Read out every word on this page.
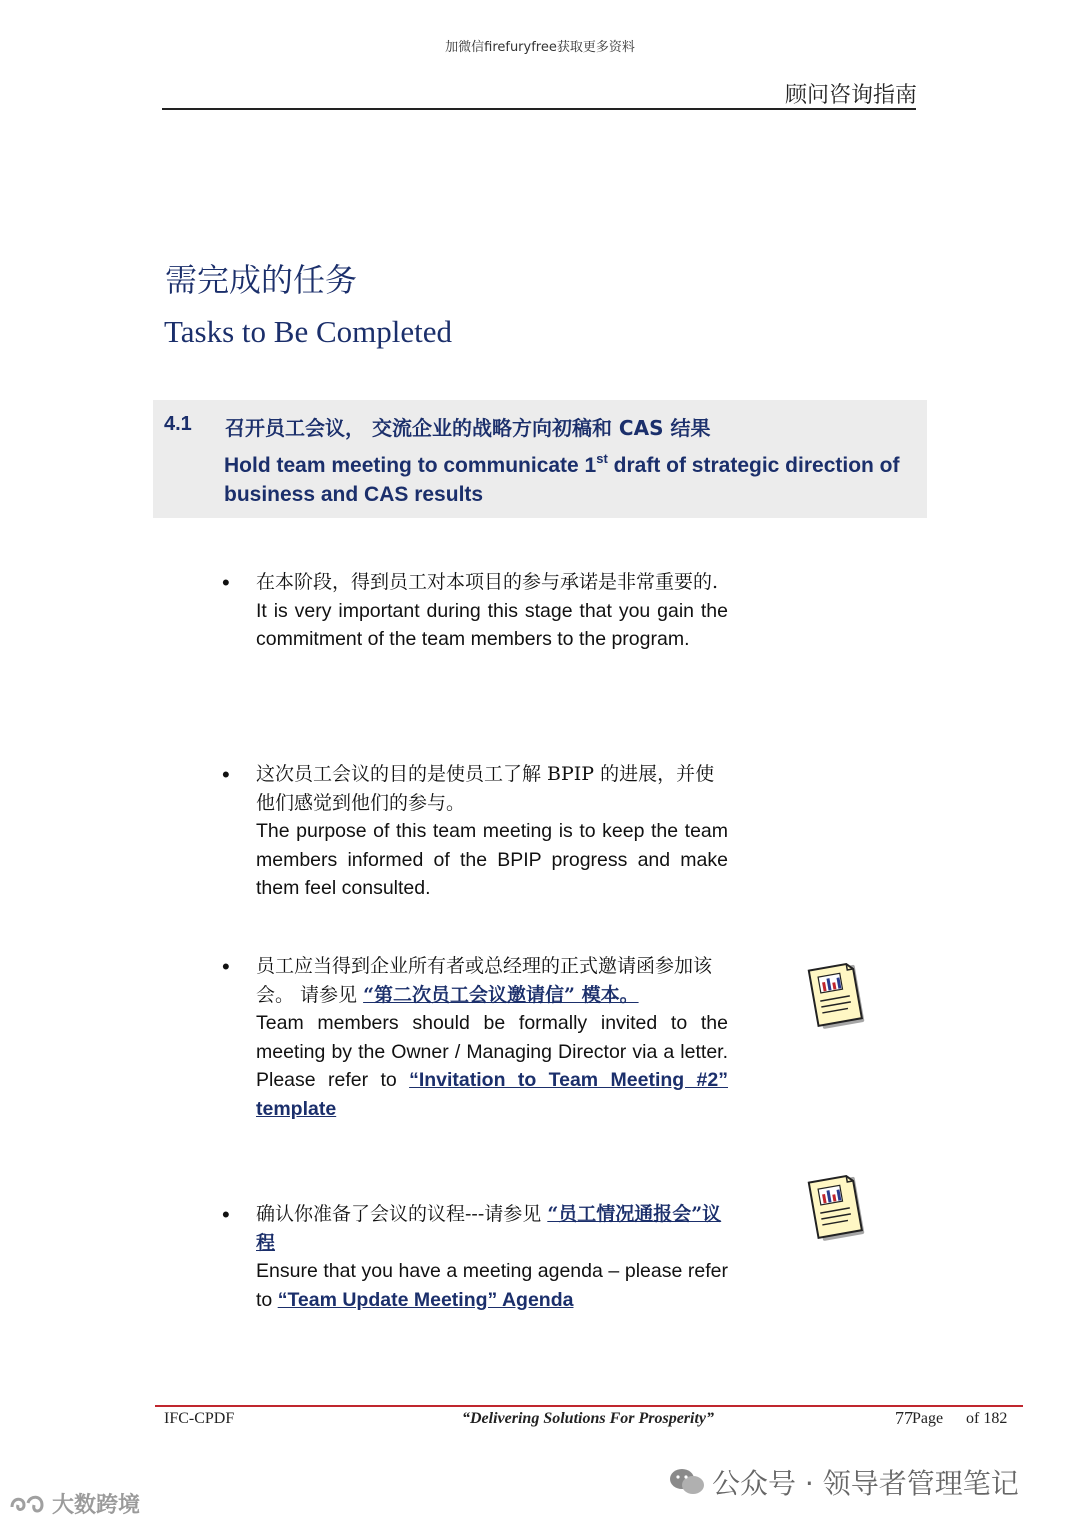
加微信firefuryfree获取更多资料
顾问咨询指南
需完成的任务
Tasks to Be Completed
4.1 召开员工会议， 交流企业的战略方向初稿和 CAS 结果
Hold team meeting to communicate 1st draft of strategic direction of business and CAS results
• 在本阶段，得到员工对本项目的参与承诺是非常重要的.
It is very important during this stage that you gain the commitment of the team members to the program.
• 这次员工会议的目的是使员工了解 BPIP 的进展，并使他们感觉到他们的参与。
The purpose of this team meeting is to keep the team members informed of the BPIP progress and make them feel consulted.
• 员工应当得到企业所有者或总经理的正式邀请函参加该会。 请参见 “第二次员工会议邀请信” 模本。
Team members should be formally invited to the meeting by the Owner / Managing Director via a letter. Please refer to “Invitation to Team Meeting #2” template
• 确认你准备了会议的议程---请参见 “员工情况通报会”议程
Ensure that you have a meeting agenda – please refer to “Team Update Meeting” Agenda
IFC-CPDF	“Delivering Solutions For Prosperity”	77 Page of 182
公众号 · 领导者管理笔记
大数跨境
